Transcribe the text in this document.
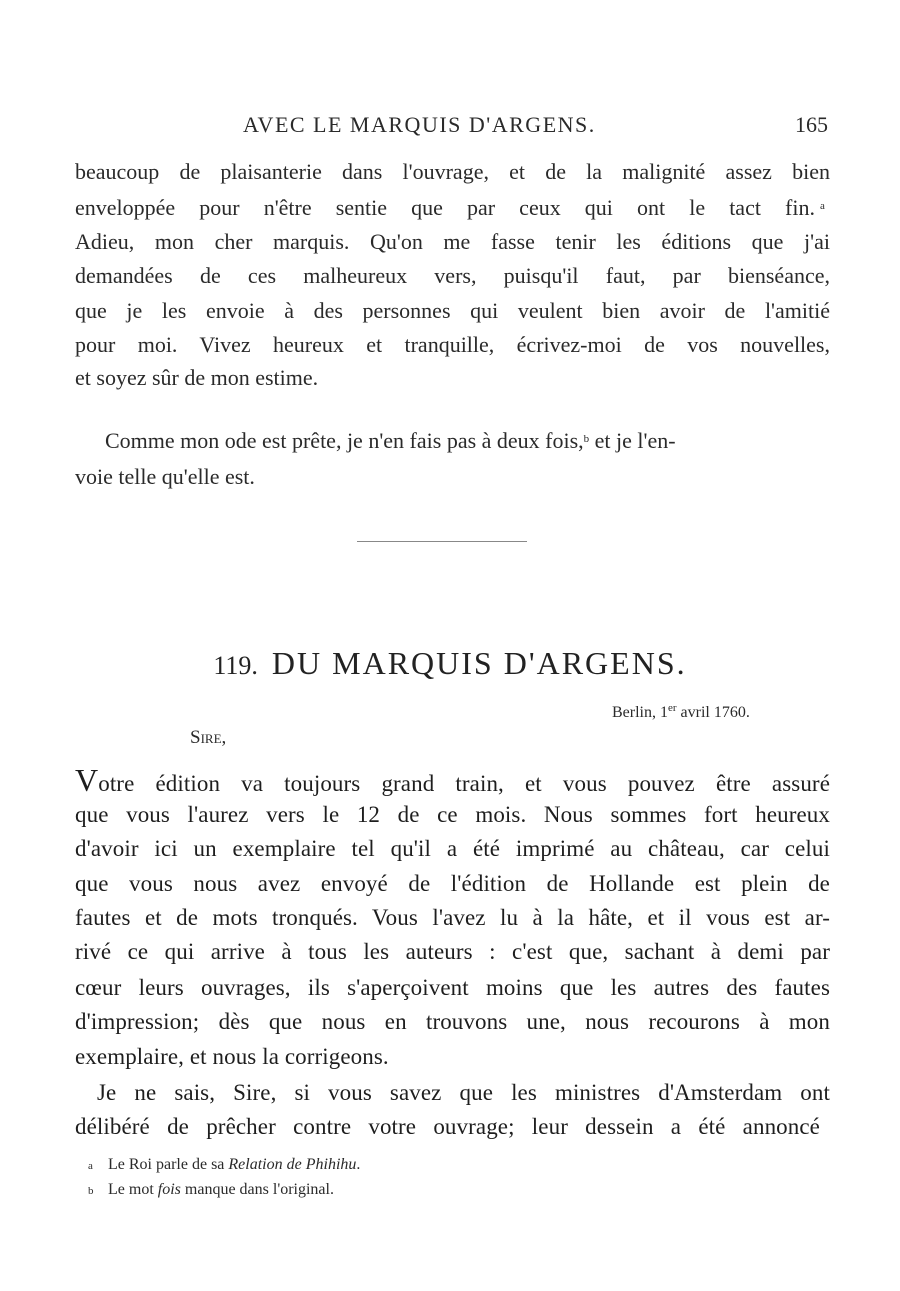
AVEC LE MARQUIS D'ARGENS.	165
beaucoup de plaisanterie dans l'ouvrage, et de la malignité assez bien
enveloppée pour n'être sentie que par ceux qui ont le tact fin. a
Adieu, mon cher marquis. Qu'on me fasse tenir les éditions que j'ai
demandées de ces malheureux vers, puisqu'il faut, par bienséance,
que je les envoie à des personnes qui veulent bien avoir de l'amitié
pour moi. Vivez heureux et tranquille, écrivez-moi de vos nouvelles,
et soyez sûr de mon estime.
Comme mon ode est prête, je n'en fais pas à deux fois,$^b$ et je l'en-
voie telle qu'elle est.
119. DU MARQUIS D'ARGENS.
Berlin, 1er avril 1760.
Sire,
Votre édition va toujours grand train, et vous pouvez être assuré
que vous l'aurez vers le 12 de ce mois. Nous sommes fort heureux
d'avoir ici un exemplaire tel qu'il a été imprimé au château, car celui
que vous nous avez envoyé de l'édition de Hollande est plein de
fautes et de mots tronqués. Vous l'avez lu à la hâte, et il vous est ar-
rivé ce qui arrive à tous les auteurs : c'est que, sachant à demi par
cœur leurs ouvrages, ils s'aperçoivent moins que les autres des fautes
d'impression; dès que nous en trouvons une, nous recourons à mon
exemplaire, et nous la corrigeons.
Je ne sais, Sire, si vous savez que les ministres d'Amsterdam ont
délibéré de prêcher contre votre ouvrage; leur dessein a été annoncé
a Le Roi parle de sa Relation de Phihihu.
b Le mot fois manque dans l'original.
